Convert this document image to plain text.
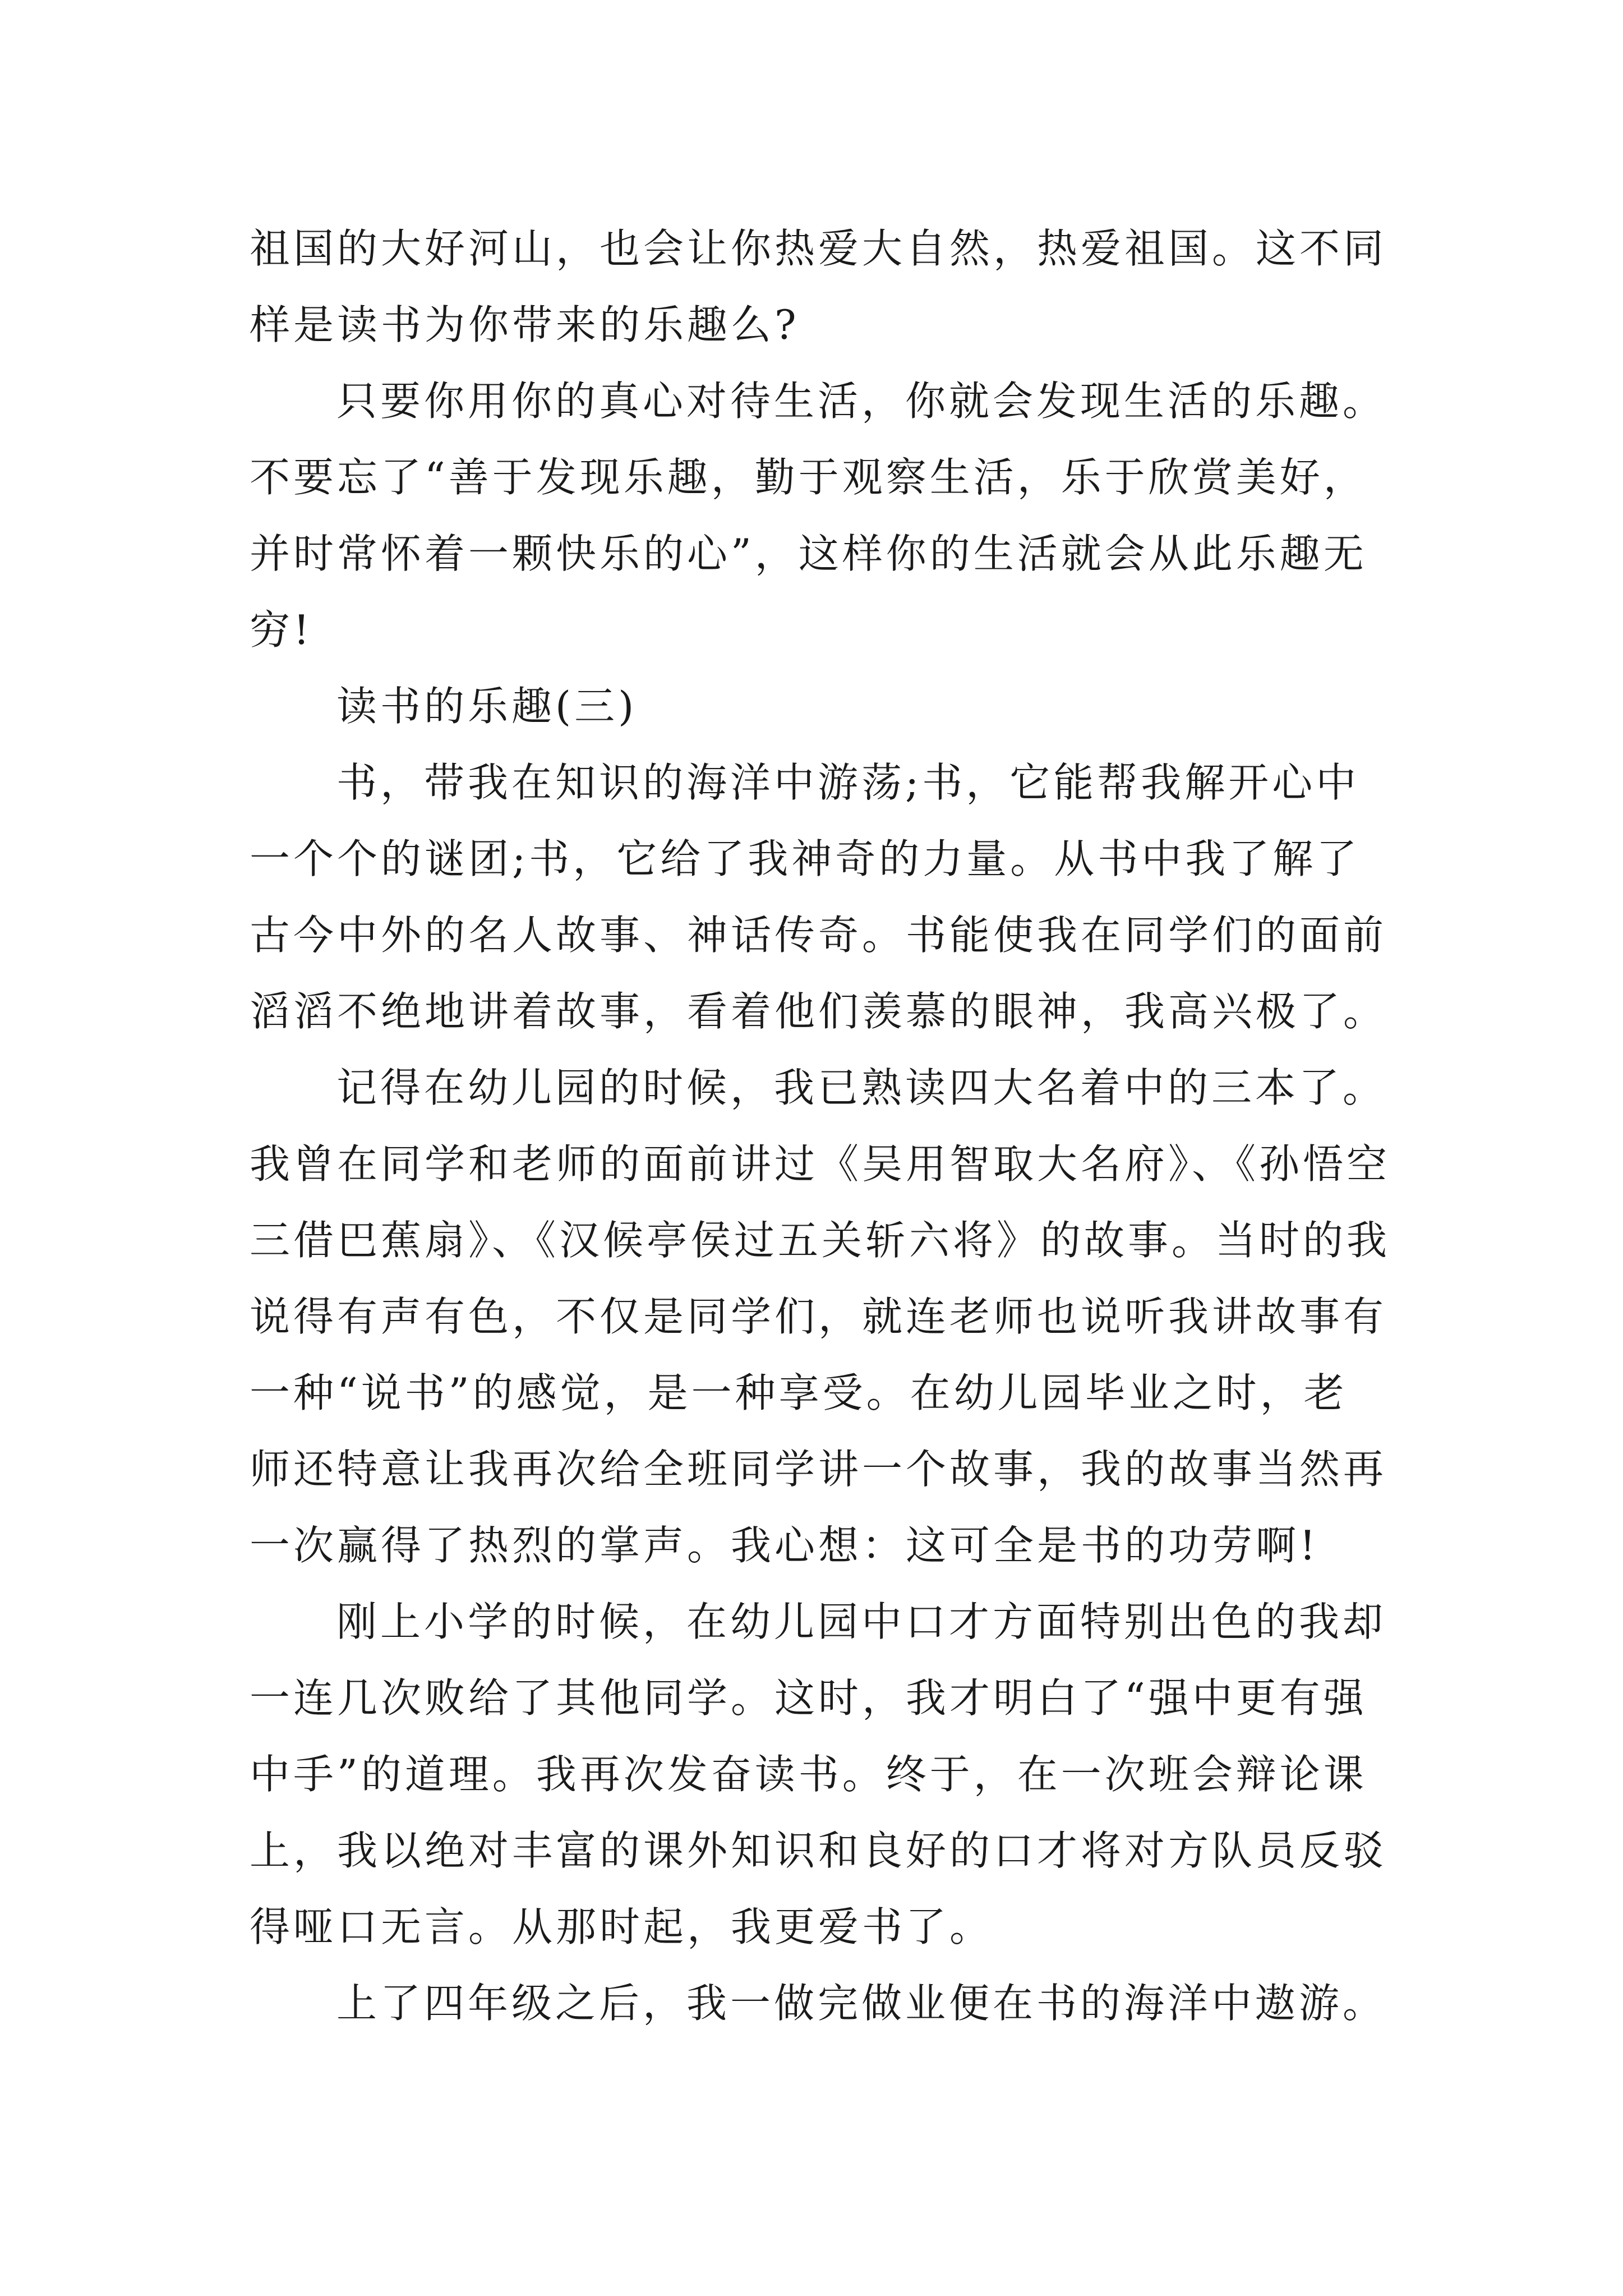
祖国的大好河山，也会让你热爱大自然，热爱祖国。这不同
样是读书为你带来的乐趣么?
只要你用你的真心对待生活，你就会发现生活的乐趣。
不要忘了“善于发现乐趣，勤于观察生活，乐于欣赏美好，
并时常怀着一颗快乐的心”，这样你的生活就会从此乐趣无
穷!
读书的乐趣(三)
书，带我在知识的海洋中游荡;书，它能帮我解开心中
一个个的谜团;书，它给了我神奇的力量。从书中我了解了
古今中外的名人故事、神话传奇。书能使我在同学们的面前
滔滔不绝地讲着故事，看着他们羡慕的眼神，我高兴极了。
记得在幼儿园的时候，我已熟读四大名着中的三本了。
我曾在同学和老师的面前讲过《吴用智取大名府》、《孙悟空
三借巴蕉扇》、《汉候亭侯过五关斩六将》的故事。当时的我
说得有声有色，不仅是同学们，就连老师也说听我讲故事有
一种“说书”的感觉，是一种享受。在幼儿园毕业之时，老
师还特意让我再次给全班同学讲一个故事，我的故事当然再
一次赢得了热烈的掌声。我心想：这可全是书的功劳啊!
刚上小学的时候，在幼儿园中口才方面特别出色的我却
一连几次败给了其他同学。这时，我才明白了“强中更有强
中手”的道理。我再次发奋读书。终于，在一次班会辩论课
上，我以绝对丰富的课外知识和良好的口才将对方队员反驳
得哑口无言。从那时起，我更爱书了。
上了四年级之后，我一做完做业便在书的海洋中遨游。
